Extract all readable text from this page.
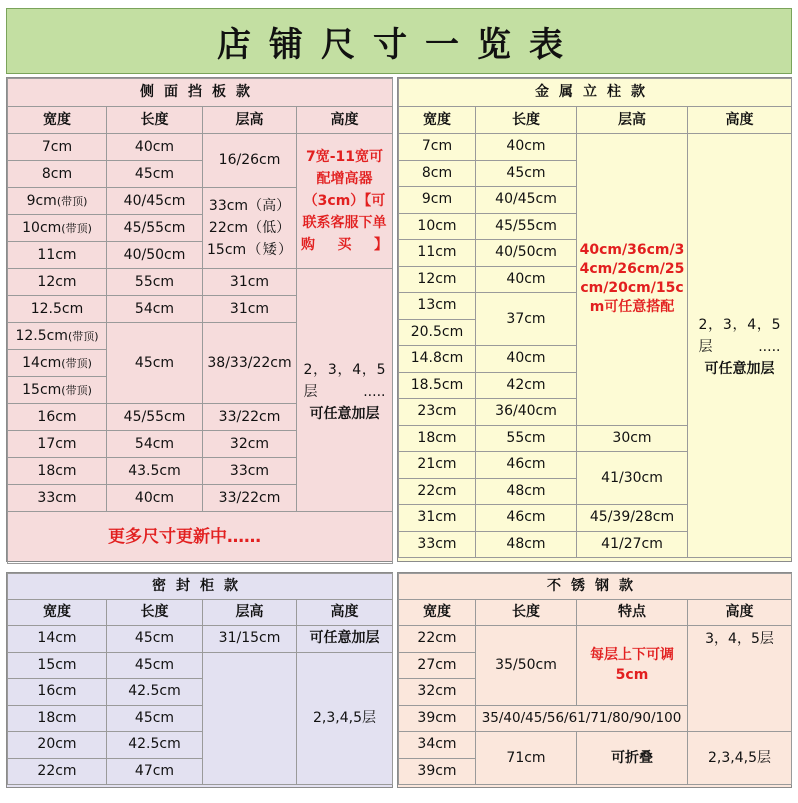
店铺尺寸一览表
侧面挡板款			
宽度	长度	层高	高度
7cm	40cm	16/26cm	7宽-11宽可配增高器（3cm）【可联系客服下单购买】
8cm	45cm		
9cm(带顶)	40/45cm	33cm（高）22cm（低）15cm（矮）	
10cm(带顶)	45/55cm		
11cm	40/50cm		
12cm	55cm	31cm	2，3，4，5层.....
可任意加层

12.5cm	54cm	31cm	
12.5cm(带顶)	45cm	38/33/22cm	
14cm(带顶)			
15cm(带顶)			
16cm	45/55cm	33/22cm	
17cm	54cm	32cm	
18cm	43.5cm	33cm	
33cm	40cm	33/22cm	
更多尺寸更新中……			
金属立柱款			
宽度	长度	层高	高度
7cm	40cm	40cm/36cm/34cm/26cm/25cm/20cm/15cm可任意搭配	2，3，4，5层.....
可任意加层

8cm	45cm		
9cm	40/45cm		
10cm	45/55cm		
11cm	40/50cm		
12cm	40cm		
13cm	37cm		
20.5cm			
14.8cm	40cm		
18.5cm	42cm		
23cm	36/40cm		
18cm	55cm	30cm	
21cm	46cm	41/30cm	
22cm	48cm		
31cm	46cm	45/39/28cm	
33cm	48cm	41/27cm	
密封柜款			
宽度	长度	层高	高度
14cm	45cm	31/15cm	可任意加层
15cm	45cm		2,3,4,5层
16cm	42.5cm		
18cm	45cm		
20cm	42.5cm		
22cm	47cm		
不锈钢款			
宽度	长度	特点	高度
22cm	35/50cm	每层上下可调5cm	3，4，5层
27cm			
32cm			
39cm	35/40/45/56/61/71/80/90/100		
34cm	71cm	可折叠	2,3,4,5层
39cm			
